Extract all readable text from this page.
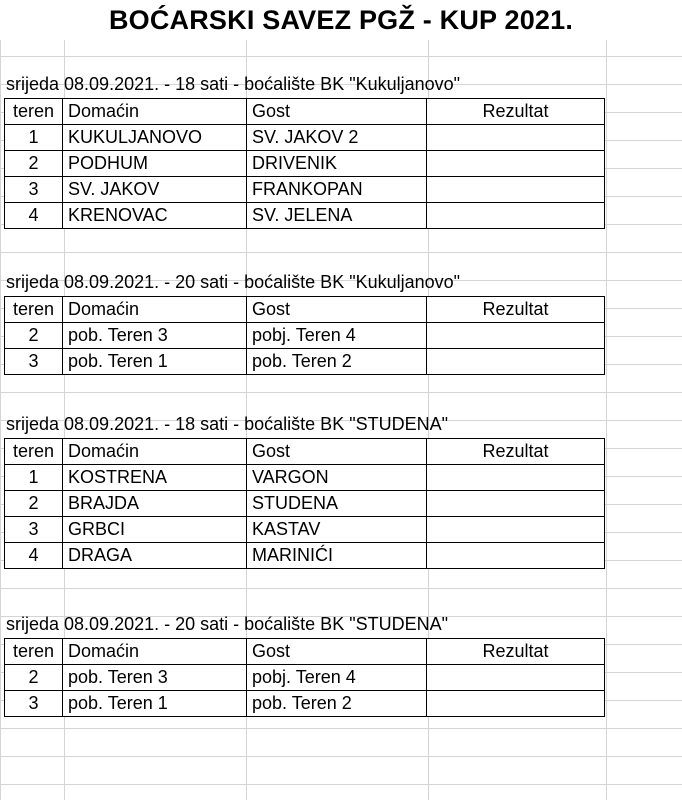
BOĆARSKI SAVEZ PGŽ - KUP 2021.
srijeda 08.09.2021. - 18 sati - boćalište BK "Kukuljanovo"
teren	Domaćin	Gost	Rezultat
1	KUKULJANOVO	SV. JAKOV 2	
2	PODHUM	DRIVENIK	
3	SV. JAKOV	FRANKOPAN	
4	KRENOVAC	SV. JELENA	
srijeda 08.09.2021. - 20 sati - boćalište BK "Kukuljanovo"
teren	Domaćin	Gost	Rezultat
2	pob. Teren 3	pobj. Teren 4	
3	pob. Teren 1	pob. Teren 2	
srijeda 08.09.2021. - 18 sati - boćalište BK "STUDENA"
teren	Domaćin	Gost	Rezultat
1	KOSTRENA	VARGON	
2	BRAJDA	STUDENA	
3	GRBCI	KASTAV	
4	DRAGA	MARINIĆI	
srijeda 08.09.2021. - 20 sati - boćalište BK "STUDENA"
teren	Domaćin	Gost	Rezultat
2	pob. Teren 3	pobj. Teren 4	
3	pob. Teren 1	pob. Teren 2	
